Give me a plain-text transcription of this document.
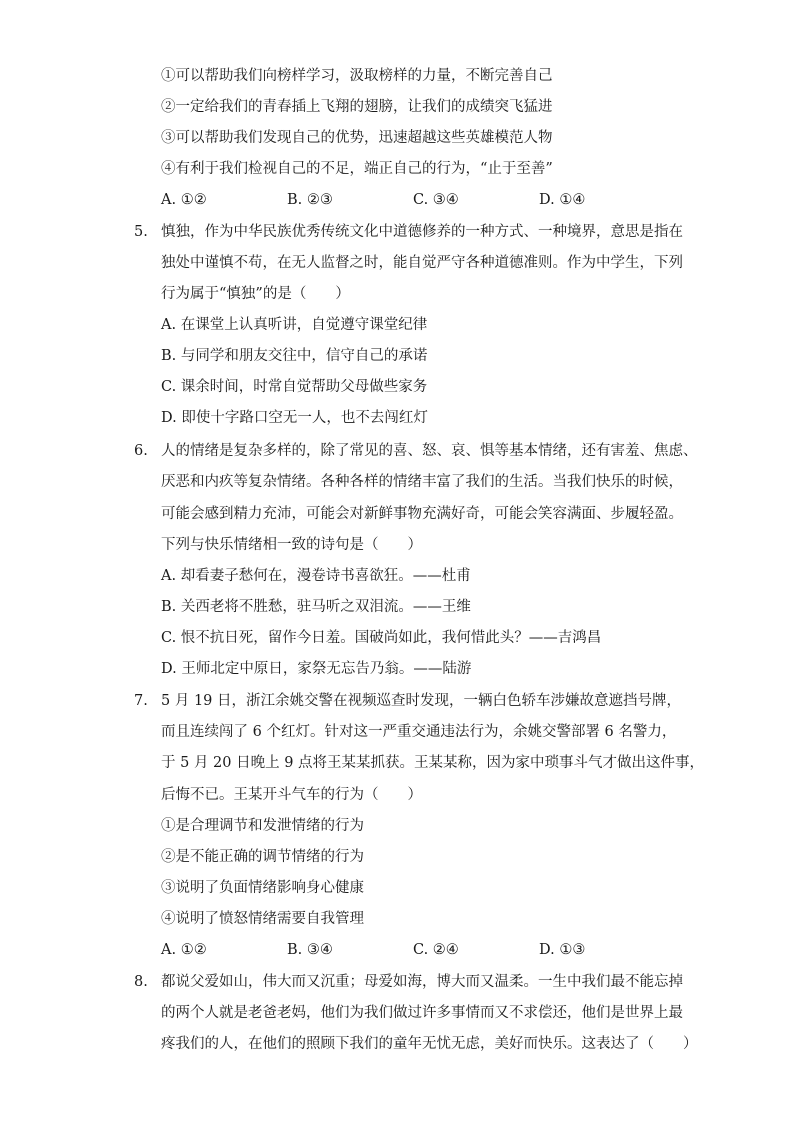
①可以帮助我们向榜样学习，汲取榜样的力量，不断完善自己
②一定给我们的青春插上飞翔的翅膀，让我们的成绩突飞猛进
③可以帮助我们发现自己的优势，迅速超越这些英雄模范人物
④有利于我们检视自己的不足，端正自己的行为，“止于至善”
A. ①②	B. ②③	C. ③④	D. ①④
5. 慎独，作为中华民族优秀传统文化中道德修养的一种方式、一种境界，意思是指在
独处中谨慎不苟，在无人监督之时，能自觉严守各种道德准则。作为中学生，下列
行为属于“慎独”的是（　　）
A. 在课堂上认真听讲，自觉遵守课堂纪律
B. 与同学和朋友交往中，信守自己的承诺
C. 课余时间，时常自觉帮助父母做些家务
D. 即使十字路口空无一人，也不去闯红灯
6. 人的情绪是复杂多样的，除了常见的喜、怒、哀、惧等基本情绪，还有害羞、焦虑、
厌恶和内疚等复杂情绪。各种各样的情绪丰富了我们的生活。当我们快乐的时候，
可能会感到精力充沛，可能会对新鲜事物充满好奇，可能会笑容满面、步履轻盈。
下列与快乐情绪相一致的诗句是（　　）
A. 却看妻子愁何在，漫卷诗书喜欲狂。——杜甫
B. 关西老将不胜愁，驻马听之双泪流。——王维
C. 恨不抗日死，留作今日羞。国破尚如此，我何惜此头？——吉鸿昌
D. 王师北定中原日，家祭无忘告乃翁。——陆游
7. 5 月 19 日，浙江余姚交警在视频巡查时发现，一辆白色轿车涉嫌故意遮挡号牌，
而且连续闯了 6 个红灯。针对这一严重交通违法行为，余姚交警部署 6 名警力，
于 5 月 20 日晚上 9 点将王某某抓获。王某某称，因为家中琐事斗气才做出这件事，
后悔不已。王某开斗气车的行为（　　）
①是合理调节和发泄情绪的行为
②是不能正确的调节情绪的行为
③说明了负面情绪影响身心健康
④说明了愤怒情绪需要自我管理
A. ①②	B. ③④	C. ②④	D. ①③
8. 都说父爱如山，伟大而又沉重；母爱如海，博大而又温柔。一生中我们最不能忘掉
的两个人就是老爸老妈，他们为我们做过许多事情而又不求偿还，他们是世界上最
疼我们的人，在他们的照顾下我们的童年无忧无虑，美好而快乐。这表达了（　　）
